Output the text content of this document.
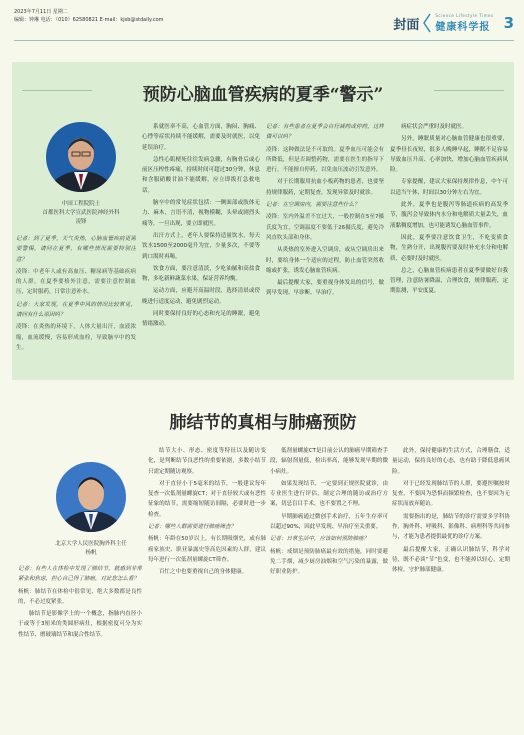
2023年7月11日 星期二
编辑：钟琳 电话：（010）62580821 E-mail：kjsb@stdaily.com	封面
Science Lifestyle Times
健康科学报 3
预防心脑血管疾病的夏季“警示”
中国工程院院士
首都医科大学宣武医院神经外科
凌锋

记者：到了夏季，天气炎热，心脑血管疾病更需要警惕，请问在夏季，有哪些情况需要特别注意？

凌锋：中老年人或有高血压、糖尿病等基础疾病的人群，在夏季要格外注意，需要注意控制血压，定时服药，日常注意补水。

记者：大家发现，在夏季中风的情况比较常见，请问有什么原因吗？

凌锋：在炎热的环境下，人体大量出汗，血液浓缩，血流缓慢，容易形成血栓，导致脑卒中的发生。

系就医率不高，心血管方面，胸闷、胸痛、心悸等症状持续不能缓解，需要及时就医，以免延误治疗。

急性心肌梗死往往发病急骤，有胸骨后或心前区压榨性疼痛，持续时间可超过30分钟，休息和含服硝酸甘油不能缓解，应立即拨打急救电话。

脑卒中的常见症状包括：一侧面部或肢体无力、麻木，言语不清，视物模糊，头晕或剧烈头痛等，一旦出现，要立即就医。

出汗方式上，老年人要保持适量饮水，每天饮水1500至2000毫升为宜，少量多次，不要等到口渴时再喝。

饮食方面，要注意清淡，少吃油腻和高盐食物，多吃新鲜蔬菜水果，保证营养均衡。

运动方面，应避开高温时段，选择清晨或傍晚进行适度运动，避免剧烈运动。

同时要保持良好的心态和充足的睡眠，避免情绪激动。

记者：有些患者在夏季会自行减药或停药，这样做可以吗？

凌锋：这种做法是不可取的。夏季血压可能会有所降低，但是否调整药物，需要在医生的指导下进行，不能擅自停药，以免血压波动引发意外。

对于长期服用抗血小板药物的患者，也要坚持规律服药，定期复查，发现异常及时就诊。

记者：在空调房内，需要注意些什么？

凌锋：室内外温差不宜过大，一般控制在5至7摄氏度为宜，空调温度不要低于26摄氏度，避免冷风直吹头部和身体。

从炎热的室外进入空调房，或从空调房出来时，要给身体一个适应的过程，防止血管突然收缩或扩张，诱发心脑血管疾病。

最后提醒大家，要重视身体发出的信号，做到早发现、早诊断、早治疗。

病症状会严重时及时就医。

另外，睡眠质量对心脑血管健康也很重要，夏季昼长夜短，很多人晚睡早起，睡眠不足容易导致血压升高、心率加快，增加心脑血管疾病风险。

专家提醒，建议大家保持规律作息，中午可以适当午休，时间以30分钟左右为宜。

此外，夏季也是腹泻等肠道疾病的高发季节，腹泻会导致体内水分和电解质大量丢失，血液黏稠度增加，也可能诱发心脑血管事件。

因此，夏季要注意饮食卫生，不吃变质食物，生熟分开，出现腹泻要及时补充水分和电解质，必要时及时就医。

总之，心脑血管疾病患者在夏季要做好自我管理，注意防暑降温，合理饮食，规律服药，定期监测，平安度夏。

肺结节的真相与肺癌预防
北京大学人民医院胸外科主任
杨帆

记者：有些人在体检中发现了肺结节，就感到非常紧张和焦虑，担心自己得了肺癌，对此您怎么看？

杨帆：肺结节在体检中很常见，绝大多数都是良性的，不必过度紧张。

肺结节是影像学上的一个概念，指肺内直径小于或等于3厘米的类圆形病灶，根据密度可分为实性结节、磨玻璃结节和混合性结节。

结节大小、形态、密度等特征以及随访变化，是判断结节良恶性的重要依据，多数小结节只需定期随访观察。

对于直径小于5毫米的结节，一般建议每年复查一次低剂量螺旋CT；对于直径较大或有恶性征象的结节，需要缩短随访间隔，必要时进一步检查。

记者：哪些人群需要进行肺癌筛查？

杨帆：年龄在50岁以上，有长期吸烟史，或有肺癌家族史、职业暴露史等高危因素的人群，建议每年进行一次低剂量螺旋CT筛查。

百忙之中也要重视自己的身体健康。

低剂量螺旋CT是目前公认的肺癌早期筛查手段，辐射剂量低，检出率高，能够发现早期的微小病灶。

如果发现结节，一定要到正规医院就诊，由专业医生进行评估，制定合理的随访或治疗方案，切忌盲目手术，也不要置之不理。

早期肺癌通过微创手术治疗，五年生存率可以超过90%，因此早发现、早治疗至关重要。

记者：日常生活中，应该如何预防肺癌？

杨帆：戒烟是预防肺癌最有效的措施，同时要避免二手烟，减少厨房油烟和空气污染的暴露，做好职业防护。

此外，保持健康的生活方式，合理膳食，适量运动，保持良好的心态，也有助于降低患癌风险。

对于已经发现肺结节的人群，要遵医嘱按时复查，不要因为恐惧而频繁检查，也不要因为无症状而放弃随访。

需要指出的是，肺结节的诊疗需要多学科协作，胸外科、呼吸科、影像科、病理科等共同参与，才能为患者提供最优的诊疗方案。

最后提醒大家，正确认识肺结节，科学对待，既不必谈“节”色变，也不能掉以轻心，定期体检，守护肺部健康。
